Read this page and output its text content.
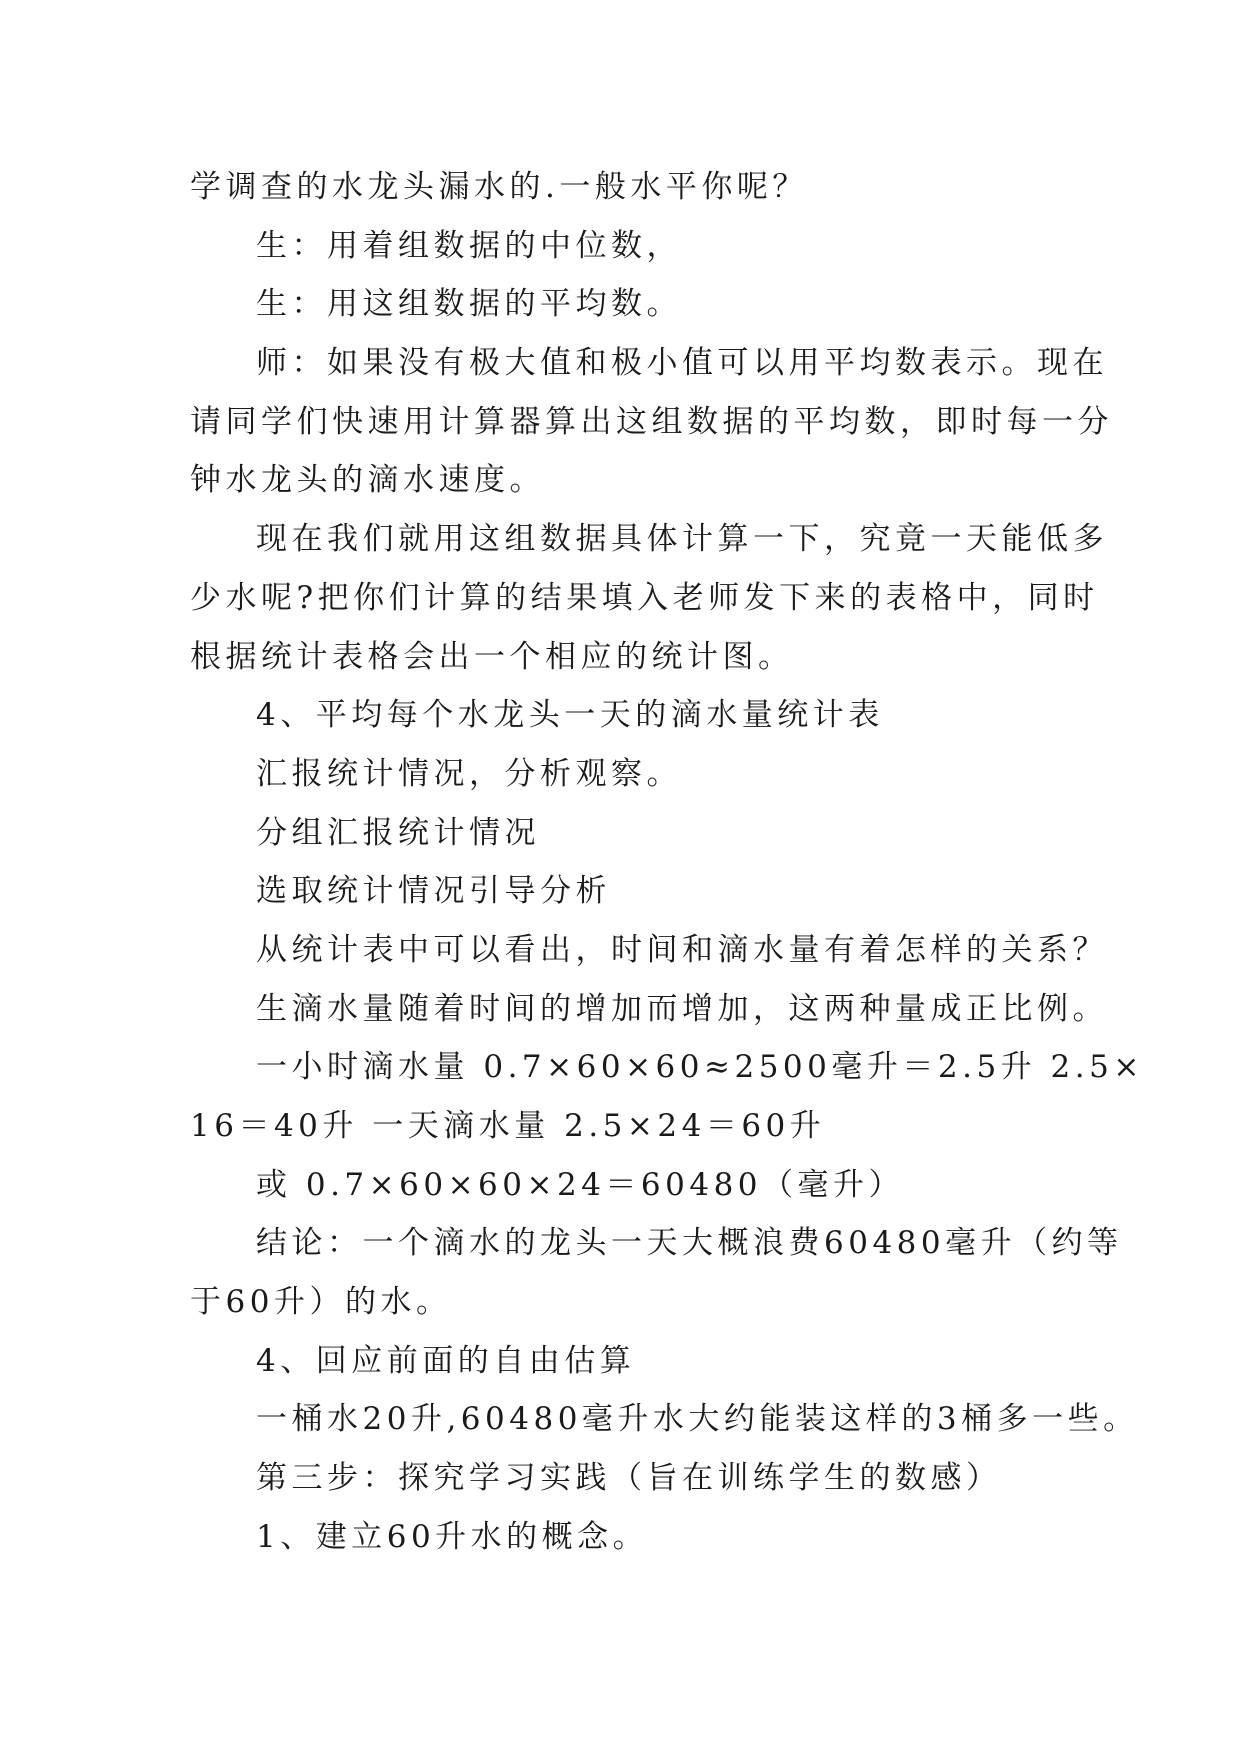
学调查的水龙头漏水的.一般水平你呢？
生：用着组数据的中位数，
生：用这组数据的平均数。
师：如果没有极大值和极小值可以用平均数表示。现在
请同学们快速用计算器算出这组数据的平均数，即时每一分
钟水龙头的滴水速度。
现在我们就用这组数据具体计算一下，究竟一天能低多
少水呢?把你们计算的结果填入老师发下来的表格中，同时
根据统计表格会出一个相应的统计图。
4、平均每个水龙头一天的滴水量统计表
汇报统计情况，分析观察。
分组汇报统计情况
选取统计情况引导分析
从统计表中可以看出，时间和滴水量有着怎样的关系？
生滴水量随着时间的增加而增加，这两种量成正比例。
一小时滴水量 0.7×60×60≈2500毫升＝2.5升 2.5×
16＝40升 一天滴水量 2.5×24＝60升
或 0.7×60×60×24＝60480（毫升）
结论：一个滴水的龙头一天大概浪费60480毫升（约等
于60升）的水。
4、回应前面的自由估算
一桶水20升,60480毫升水大约能装这样的3桶多一些。
第三步：探究学习实践（旨在训练学生的数感）
1、建立60升水的概念。
